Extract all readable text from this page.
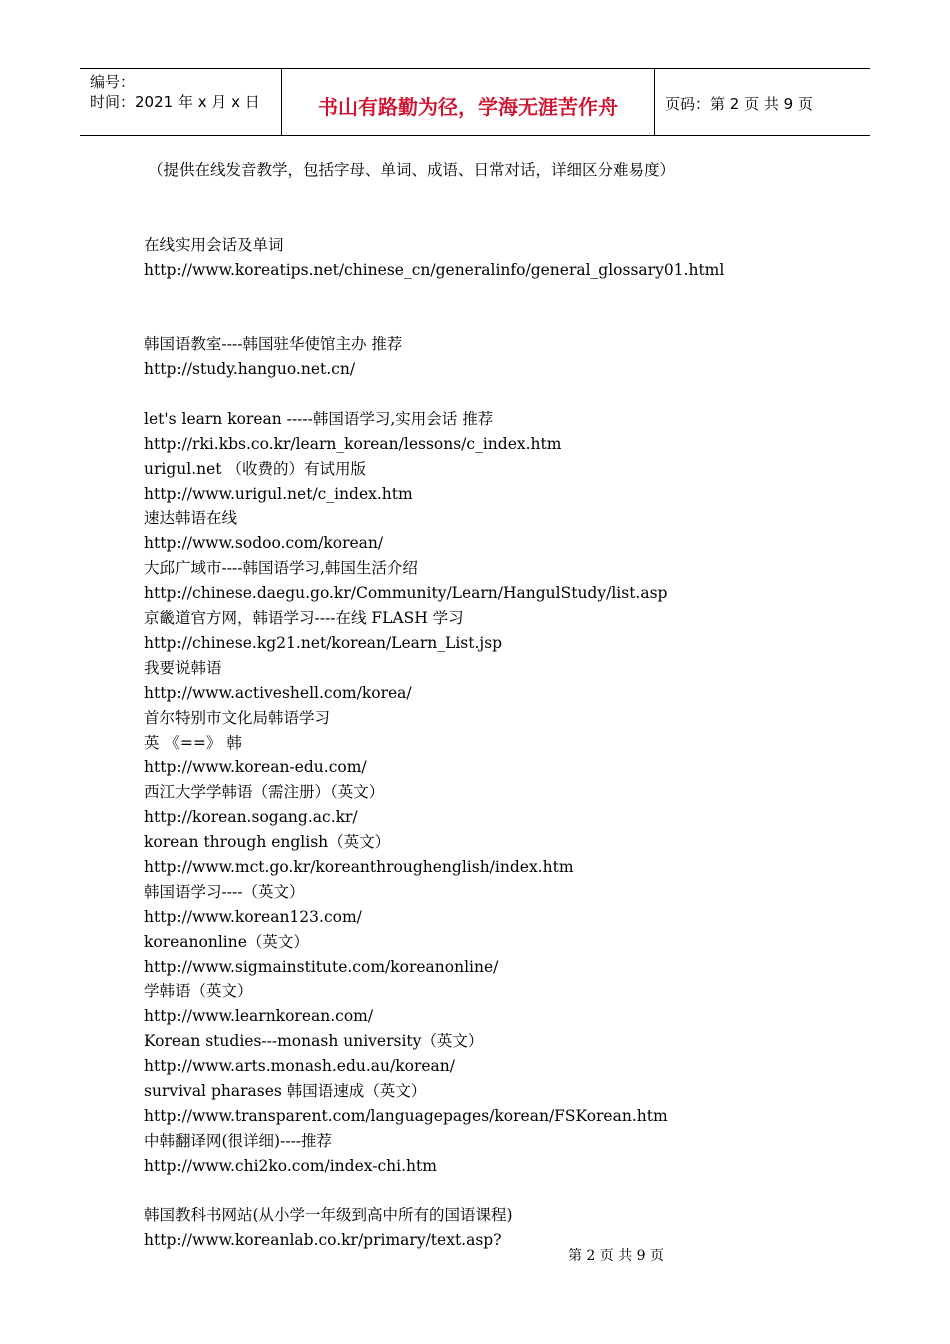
编号：
时间：2021 年 x 月 x 日	书山有路勤为径，学海无涯苦作舟	页码：第 2 页 共 9 页
（提供在线发音教学，包括字母、单词、成语、日常对话，详细区分难易度）
在线实用会话及单词
http://www.koreatips.net/chinese_cn/generalinfo/general_glossary01.html
韩国语教室----韩国驻华使馆主办 推荐
http://study.hanguo.net.cn/
let's learn korean -----韩国语学习,实用会话 推荐
http://rki.kbs.co.kr/learn_korean/lessons/c_index.htm
urigul.net （收费的）有试用版
http://www.urigul.net/c_index.htm
速达韩语在线
http://www.sodoo.com/korean/
大邱广域市----韩国语学习,韩国生活介绍
http://chinese.daegu.go.kr/Community/Learn/HangulStudy/list.asp
京畿道官方网，韩语学习----在线 FLASH 学习
http://chinese.kg21.net/korean/Learn_List.jsp
我要说韩语
http://www.activeshell.com/korea/
首尔特别市文化局韩语学习
英 《==》 韩
http://www.korean-edu.com/
西江大学学韩语（需注册）（英文）
http://korean.sogang.ac.kr/
korean through english（英文）
http://www.mct.go.kr/koreanthroughenglish/index.htm
韩国语学习----（英文）
http://www.korean123.com/
koreanonline（英文）
http://www.sigmainstitute.com/koreanonline/
学韩语（英文）
http://www.learnkorean.com/
Korean studies---monash university（英文）
http://www.arts.monash.edu.au/korean/
survival pharases 韩国语速成（英文）
http://www.transparent.com/languagepages/korean/FSKorean.htm
中韩翻译网(很详细)----推荐
http://www.chi2ko.com/index-chi.htm
韩国教科书网站(从小学一年级到高中所有的国语课程)
http://www.koreanlab.co.kr/primary/text.asp?
第 2 页 共 9 页
